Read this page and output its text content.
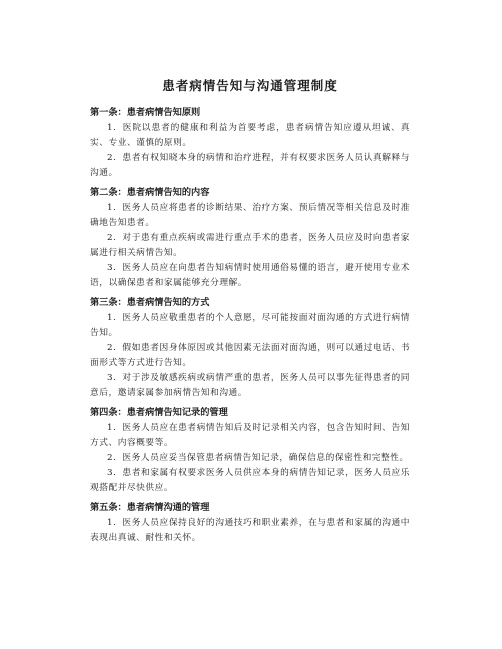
患者病情告知与沟通管理制度
第一条：患者病情告知原则

1. 医院以患者的健康和利益为首要考虑，患者病情告知应遵从坦诚、真实、专业、谨慎的原则。

2. 患者有权知晓本身的病情和治疗进程，并有权要求医务人员认真解释与沟通。

第二条：患者病情告知的内容

1. 医务人员应将患者的诊断结果、治疗方案、预后情况等相关信息及时准确地告知患者。

2. 对于患有重点疾病或需进行重点手术的患者，医务人员应及时向患者家属进行相关病情告知。

3. 医务人员应在向患者告知病情时使用通俗易懂的语言，避开使用专业术语，以确保患者和家属能够充分理解。

第三条：患者病情告知的方式

1. 医务人员应敬重患者的个人意愿，尽可能按面对面沟通的方式进行病情告知。

2. 假如患者因身体原因或其他因素无法面对面沟通，则可以通过电话、书面形式等方式进行告知。

3. 对于涉及敏感疾病或病情严重的患者，医务人员可以事先征得患者的同意后，邀请家属参加病情告知和沟通。

第四条：患者病情告知记录的管理

1. 医务人员应在患者病情告知后及时记录相关内容，包含告知时间、告知方式、内容概要等。

2. 医务人员应妥当保管患者病情告知记录，确保信息的保密性和完整性。

3. 患者和家属有权要求医务人员供应本身的病情告知记录，医务人员应乐观搭配并尽快供应。

第五条：患者病情沟通的管理

1. 医务人员应保持良好的沟通技巧和职业素养，在与患者和家属的沟通中表现出真诚、耐性和关怀。
